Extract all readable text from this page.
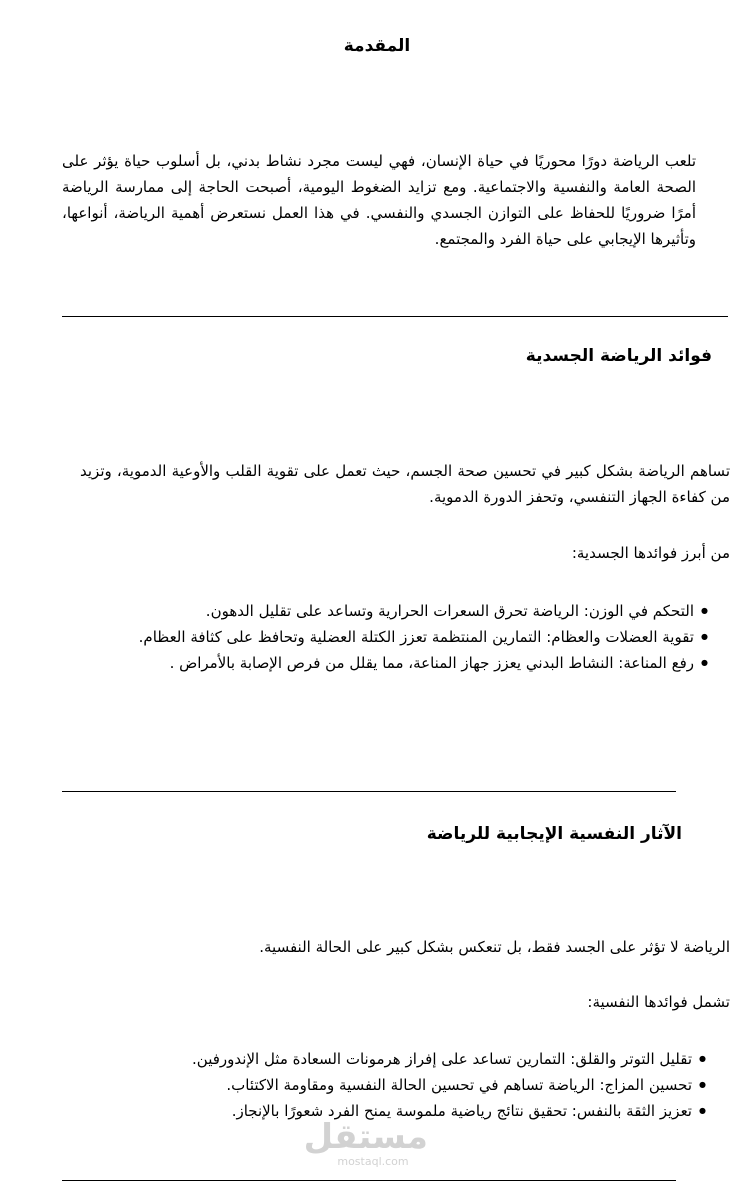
المقدمة
تلعب الرياضة دورًا محوريًا في حياة الإنسان، فهي ليست مجرد نشاط بدني، بل أسلوب حياة يؤثر على الصحة العامة والنفسية والاجتماعية. ومع تزايد الضغوط اليومية، أصبحت الحاجة إلى ممارسة الرياضة أمرًا ضروريًا للحفاظ على التوازن الجسدي والنفسي. في هذا العمل نستعرض أهمية الرياضة، أنواعها، وتأثيرها الإيجابي على حياة الفرد والمجتمع.
فوائد الرياضة الجسدية
تساهم الرياضة بشكل كبير في تحسين صحة الجسم، حيث تعمل على تقوية القلب والأوعية الدموية، وتزيد من كفاءة الجهاز التنفسي، وتحفز الدورة الدموية.
من أبرز فوائدها الجسدية:
● التحكم في الوزن: الرياضة تحرق السعرات الحرارية وتساعد على تقليل الدهون.
● تقوية العضلات والعظام: التمارين المنتظمة تعزز الكتلة العضلية وتحافظ على كثافة العظام.
● رفع المناعة: النشاط البدني يعزز جهاز المناعة، مما يقلل من فرص الإصابة بالأمراض .
الآثار النفسية الإيجابية للرياضة
الرياضة لا تؤثر على الجسد فقط، بل تنعكس بشكل كبير على الحالة النفسية.
تشمل فوائدها النفسية:
● تقليل التوتر والقلق: التمارين تساعد على إفراز هرمونات السعادة مثل الإندورفين.
● تحسين المزاج: الرياضة تساهم في تحسين الحالة النفسية ومقاومة الاكتئاب.
● تعزيز الثقة بالنفس: تحقيق نتائج رياضية ملموسة يمنح الفرد شعورًا بالإنجاز.
مستقل
mostaql.com
